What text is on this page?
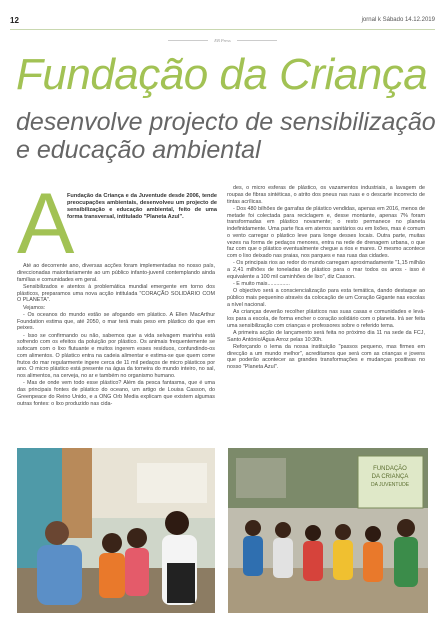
12	jornal k Sábado 14.12.2019
EB Press
Fundação da Criança
desenvolve projecto de sensibilização e educação ambiental
A
Fundação da Criança e da Juventude desde 2006, tende preocupações ambientais, desenvolveu um projecto de sensibilização e educação ambiental, feito de uma forma transversal, intitulado "Planeta Azul".

Até ao decorrente ano, diversas acções foram implementadas no nosso país, direccionadas maioritariamente ao um público infanto-juvenil contemplando ainda famílias e comunidades em geral.

Sensibilizados e atentos à problemática mundial emergente em torno dos plásticos, preparamos uma nova acção intitulada "CORAÇÃO SOLIDÁRIO COM O PLANETA".

Vejamos:

- Os oceanos do mundo estão se afogando em plástico. A Ellen MacArthur Foundation estima que, até 2050, o mar terá mais peso em plástico do que em peixes.

- Isso se confirmando ou não, sabemos que a vida selvagem marinha está sofrendo com os efeitos da poluição por plástico. Os animais frequentemente se sufocam com o lixo flutuante e muitos ingerem esses resíduos, confundindo-os com alimentos. O plástico entra na cadeia alimentar e estima-se que quem come frutos do mar regularmente ingere cerca de 11 mil pedaços de micro plásticos por ano. O micro plástico está presente na água da torneira do mundo inteiro, no sal, nos alimentos, na cerveja, no ar e também no organismo humano.

- Mas de onde vem todo esse plástico? Além da pesca fantasma, que é uma das principais fontes de plástico do oceano, um artigo de Louisa Casson, do Greenpeace do Reino Unido, e a ONG Orb Media explicam que existem algumas outras fontes: o lixo produzido nas cida-

des, o micro esferas de plástico, os vazamentos industriais, a lavagem de roupas de fibras sintéticas, o atrito dos pneus nas ruas e o descarte incorrecto de tintas acrílicas.

- Dos 480 bilhões de garrafas de plástico vendidas, apenas em 2016, menos de metade foi colectada para reciclagem e, desse montante, apenas 7% foram transformadas em plástico novamente; o resto permanece no planeta indefinidamente. Uma parte fica em aterros sanitários ou em lixões, mas é comum o vento carregar o plástico leve para longe desses locais. Outra parte, muitas vezes na forma de pedaços menores, entra na rede de drenagem urbana, o que faz com que o plástico eventualmente chegue a rios e mares. O mesmo acontece com o lixo deixado nas praias, nos parques e nas ruas das cidades.

- Os principais rios ao redor do mundo carregam aproximadamente "1,15 milhão a 2,41 milhões de toneladas de plástico para o mar todos os anos - isso é equivalente a 100 mil caminhões de lixo", diz Casson.

- E muito mais...............

O objectivo será a consciencialização para esta temática, dando destaque ao público mais pequenino através da colocação de um Coração Gigante nas escolas a nível nacional.

As crianças deverão recolher plásticos nas suas casas e comunidades e levá-los para a escola, de forma encher o coração solidário com o planeta. Irá ser feita uma sensibilização com crianças e professores sobre o referido tema.

A primeira acção de lançamento será feita no próximo dia 11 na sede da FCJ, Santo António/Água Arroz pelas 10:30h.

Reforçando o lema da nossa instituição "passos pequeno, mas firmes em direcção a um mundo melhor", acreditamos que será com as crianças e jovens que poderão acontecer as grandes transformações e mudanças positivas no nosso "Planeta Azul".

FUNDAÇÃO
DA CRIANÇA
DA JUVENTUDE
